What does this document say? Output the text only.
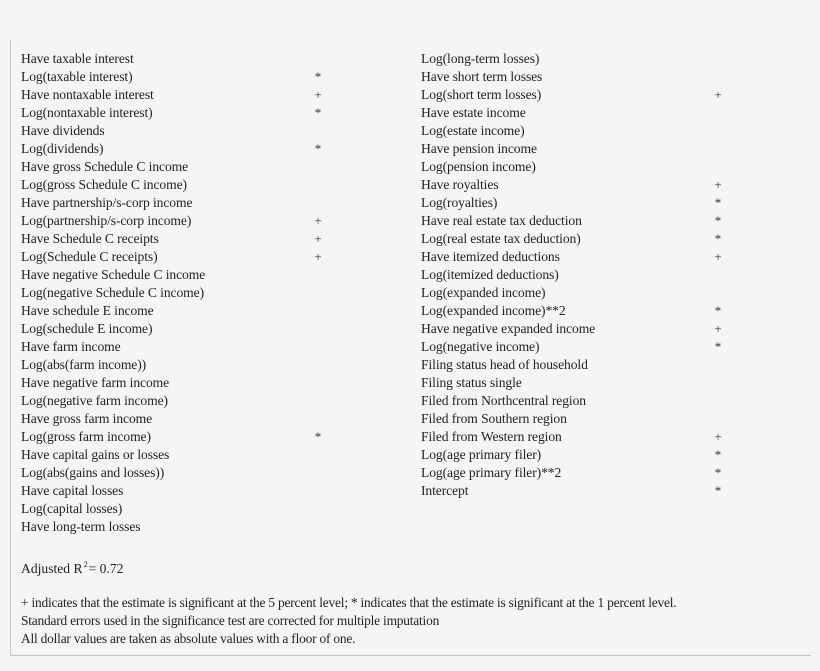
Have taxable interest
Log(taxable interest)	*
Have nontaxable interest	+
Log(nontaxable interest)	*
Have dividends
Log(dividends)	*
Have gross Schedule C income
Log(gross Schedule C income)
Have partnership/s-corp income
Log(partnership/s-corp income)	+
Have Schedule C receipts	+
Log(Schedule C receipts)	+
Have negative Schedule C income
Log(negative Schedule C income)
Have schedule E income
Log(schedule E income)
Have farm income
Log(abs(farm income))
Have negative farm income
Log(negative farm income)
Have gross farm income
Log(gross farm income)	*
Have capital gains or losses
Log(abs(gains and losses))
Have capital losses
Log(capital losses)
Have long-term losses
Log(long-term losses)
Have short term losses
Log(short term losses)	+
Have estate income
Log(estate income)
Have pension income
Log(pension income)
Have royalties	+
Log(royalties)	*
Have real estate tax deduction	*
Log(real estate tax deduction)	*
Have itemized deductions	+
Log(itemized deductions)
Log(expanded income)
Log(expanded income)**2	*
Have negative expanded income	+
Log(negative income)	*
Filing status head of household
Filing status single
Filed from Northcentral region
Filed from Southern region
Filed from Western region	+
Log(age primary filer)	*
Log(age primary filer)**2	*
Intercept	*
Adjusted $R^2= 0.72$
+ indicates that the estimate is significant at the 5 percent level; * indicates that the estimate is significant at the 1 percent level.
Standard errors used in the significance test are corrected for multiple imputation
All dollar values are taken as absolute values with a floor of one.
